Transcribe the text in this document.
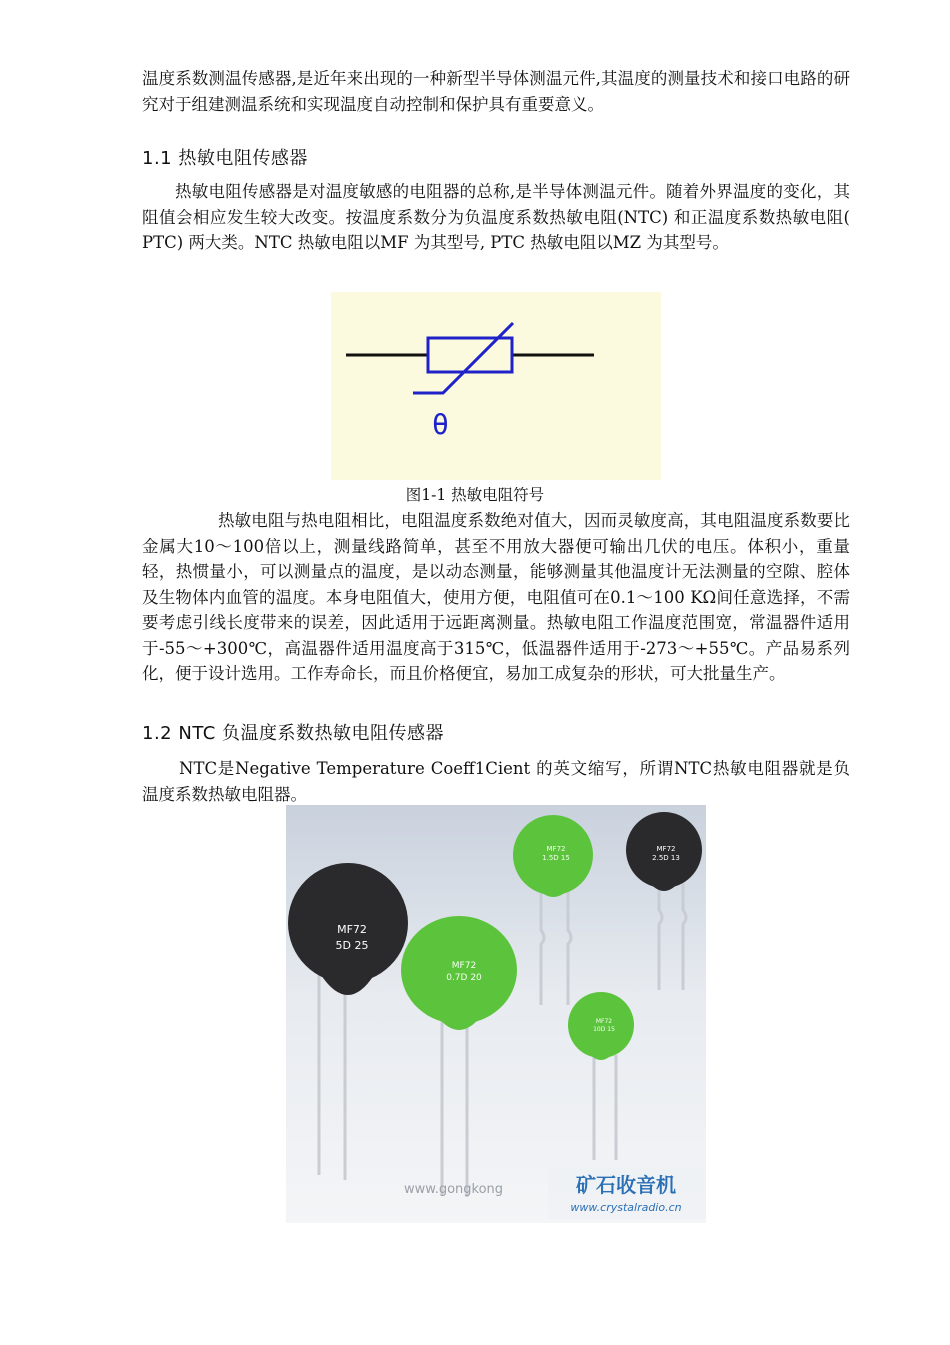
温度系数测温传感器,是近年来出现的一种新型半导体测温元件,其温度的测量技术和接口电路的研究对于组建测温系统和实现温度自动控制和保护具有重要意义。

1.1 热敏电阻传感器

热敏电阻传感器是对温度敏感的电阻器的总称,是半导体测温元件。随着外界温度的变化，其阻值会相应发生较大改变。按温度系数分为负温度系数热敏电阻(NTC) 和正温度系数热敏电阻( PTC) 两大类。NTC 热敏电阻以MF 为其型号, PTC 热敏电阻以MZ 为其型号。

θ
图1-1 热敏电阻符号

热敏电阻与热电阻相比，电阻温度系数绝对值大，因而灵敏度高，其电阻温度系数要比金属大10～100倍以上，测量线路简单，甚至不用放大器便可输出几伏的电压。体积小，重量轻，热惯量小，可以测量点的温度，是以动态测量，能够测量其他温度计无法测量的空隙、腔体及生物体内血管的温度。本身电阻值大，使用方便，电阻值可在0.1～100 KΩ间任意选择，不需要考虑引线长度带来的误差，因此适用于远距离测量。热敏电阻工作温度范围宽，常温器件适用于-55～+300℃，高温器件适用温度高于315℃，低温器件适用于-273～+55℃。产品易系列化，便于设计选用。工作寿命长，而且价格便宜，易加工成复杂的形状，可大批量生产。

1.2 NTC 负温度系数热敏电阻传感器

NTC是Negative Temperature Coeff1Cient 的英文缩写，所谓NTC热敏电阻器就是负温度系数热敏电阻器。

MF72
5D 25
MF72
0.7D 20
MF72
1.5D 15
MF72
2.5D 13
MF72
10D 15
www.gongkong	矿石收音机
www.crystalradio.cn
